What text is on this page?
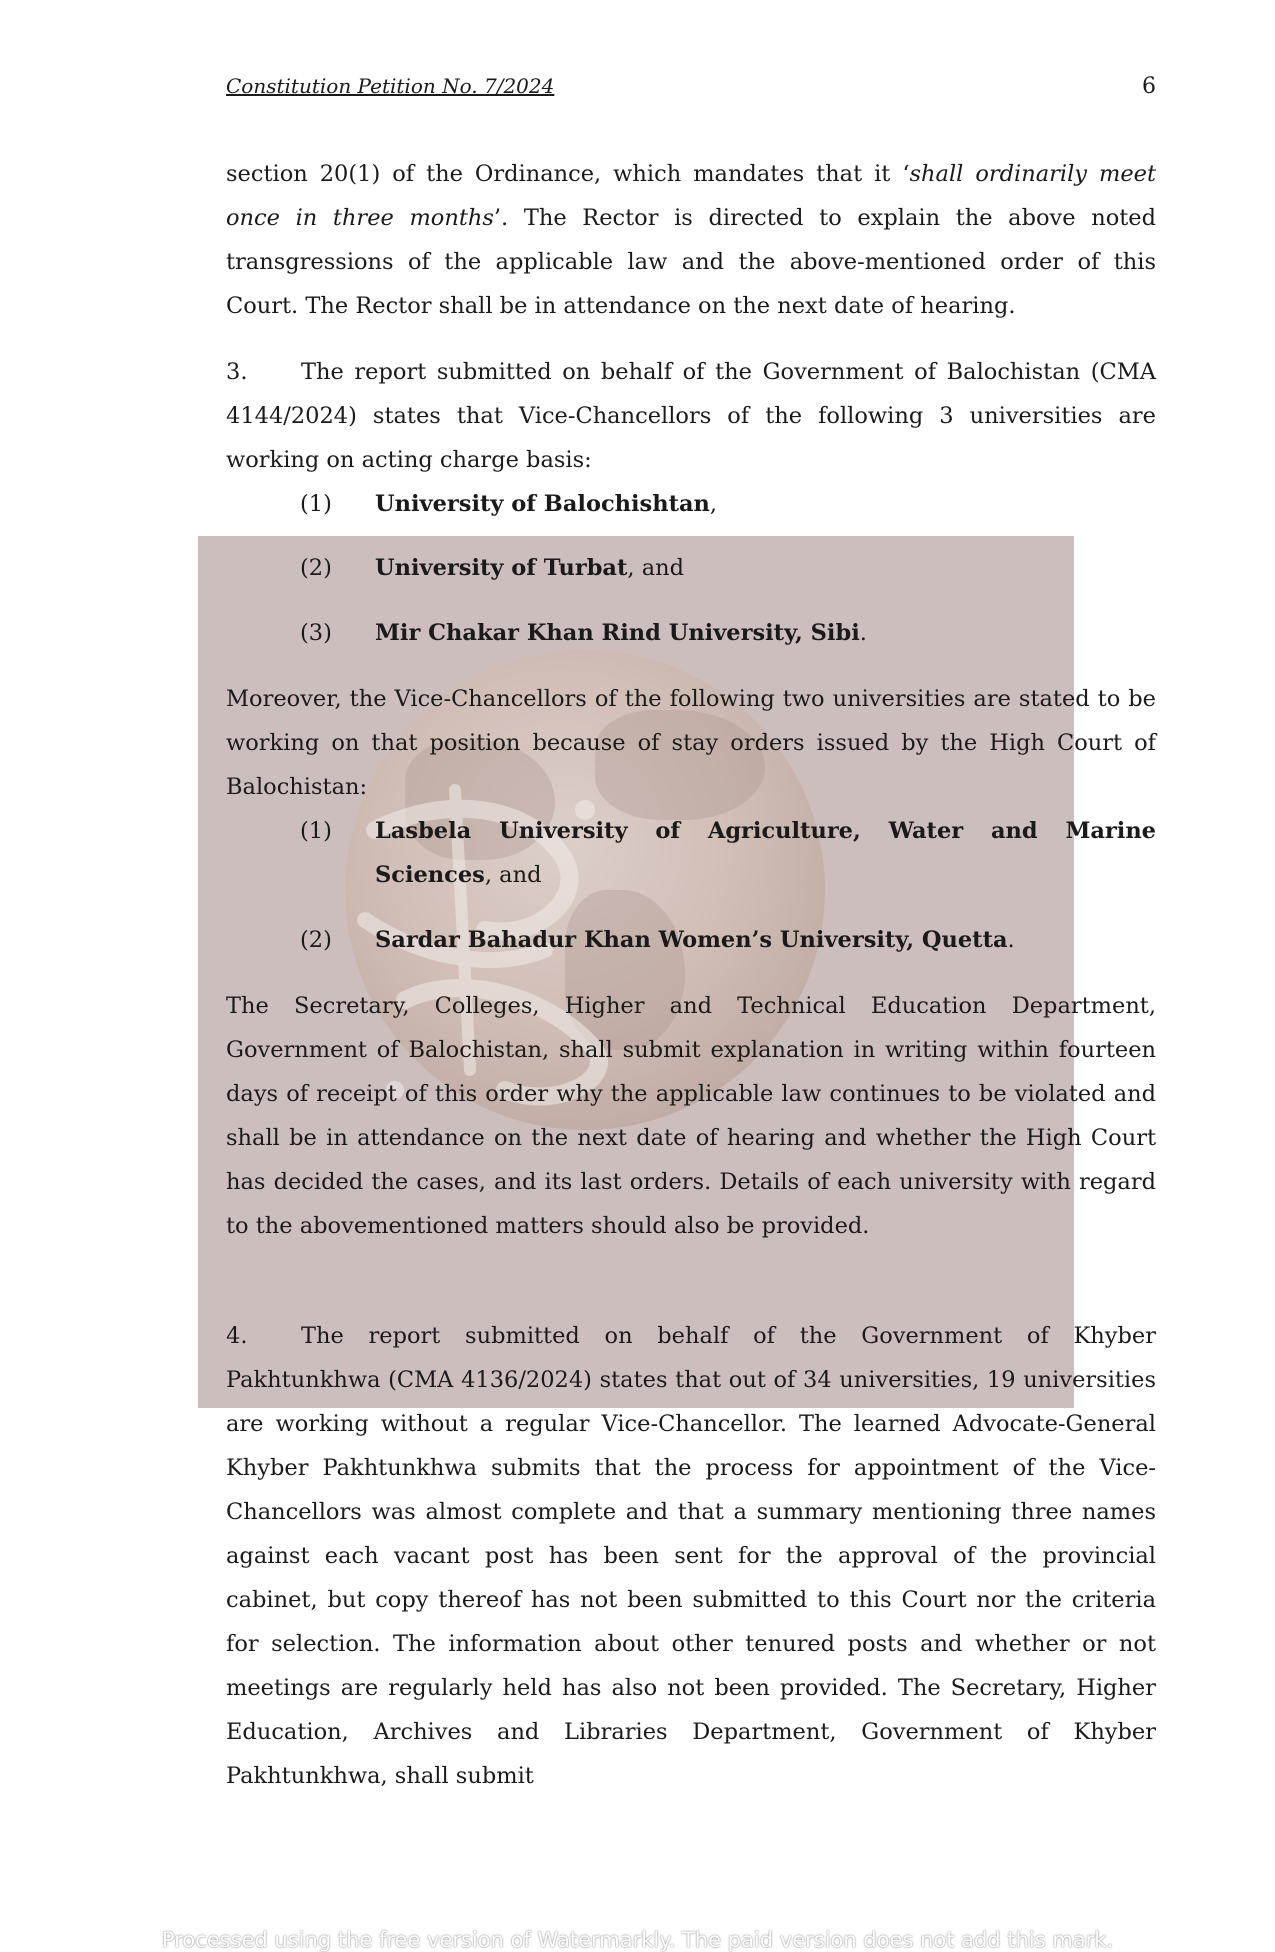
Constitution Petition No. 7/2024	6
section 20(1) of the Ordinance, which mandates that it ‘shall ordinarily meet once in three months’. The Rector is directed to explain the above noted transgressions of the applicable law and the above-mentioned order of this Court. The Rector shall be in attendance on the next date of hearing.
3. The report submitted on behalf of the Government of Balochistan (CMA 4144/2024) states that Vice-Chancellors of the following 3 universities are working on acting charge basis:
(1) University of Balochishtan,
(2) University of Turbat, and
(3) Mir Chakar Khan Rind University, Sibi.
Moreover, the Vice-Chancellors of the following two universities are stated to be working on that position because of stay orders issued by the High Court of Balochistan:
(1) Lasbela University of Agriculture, Water and Marine Sciences, and
(2) Sardar Bahadur Khan Women’s University, Quetta.
The Secretary, Colleges, Higher and Technical Education Department, Government of Balochistan, shall submit explanation in writing within fourteen days of receipt of this order why the applicable law continues to be violated and shall be in attendance on the next date of hearing and whether the High Court has decided the cases, and its last orders. Details of each university with regard to the abovementioned matters should also be provided.
4. The report submitted on behalf of the Government of Khyber Pakhtunkhwa (CMA 4136/2024) states that out of 34 universities, 19 universities are working without a regular Vice-Chancellor. The learned Advocate-General Khyber Pakhtunkhwa submits that the process for appointment of the Vice-Chancellors was almost complete and that a summary mentioning three names against each vacant post has been sent for the approval of the provincial cabinet, but copy thereof has not been submitted to this Court nor the criteria for selection. The information about other tenured posts and whether or not meetings are regularly held has also not been provided. The Secretary, Higher Education, Archives and Libraries Department, Government of Khyber Pakhtunkhwa, shall submit
Processed using the free version of Watermarkly. The paid version does not add this mark.
